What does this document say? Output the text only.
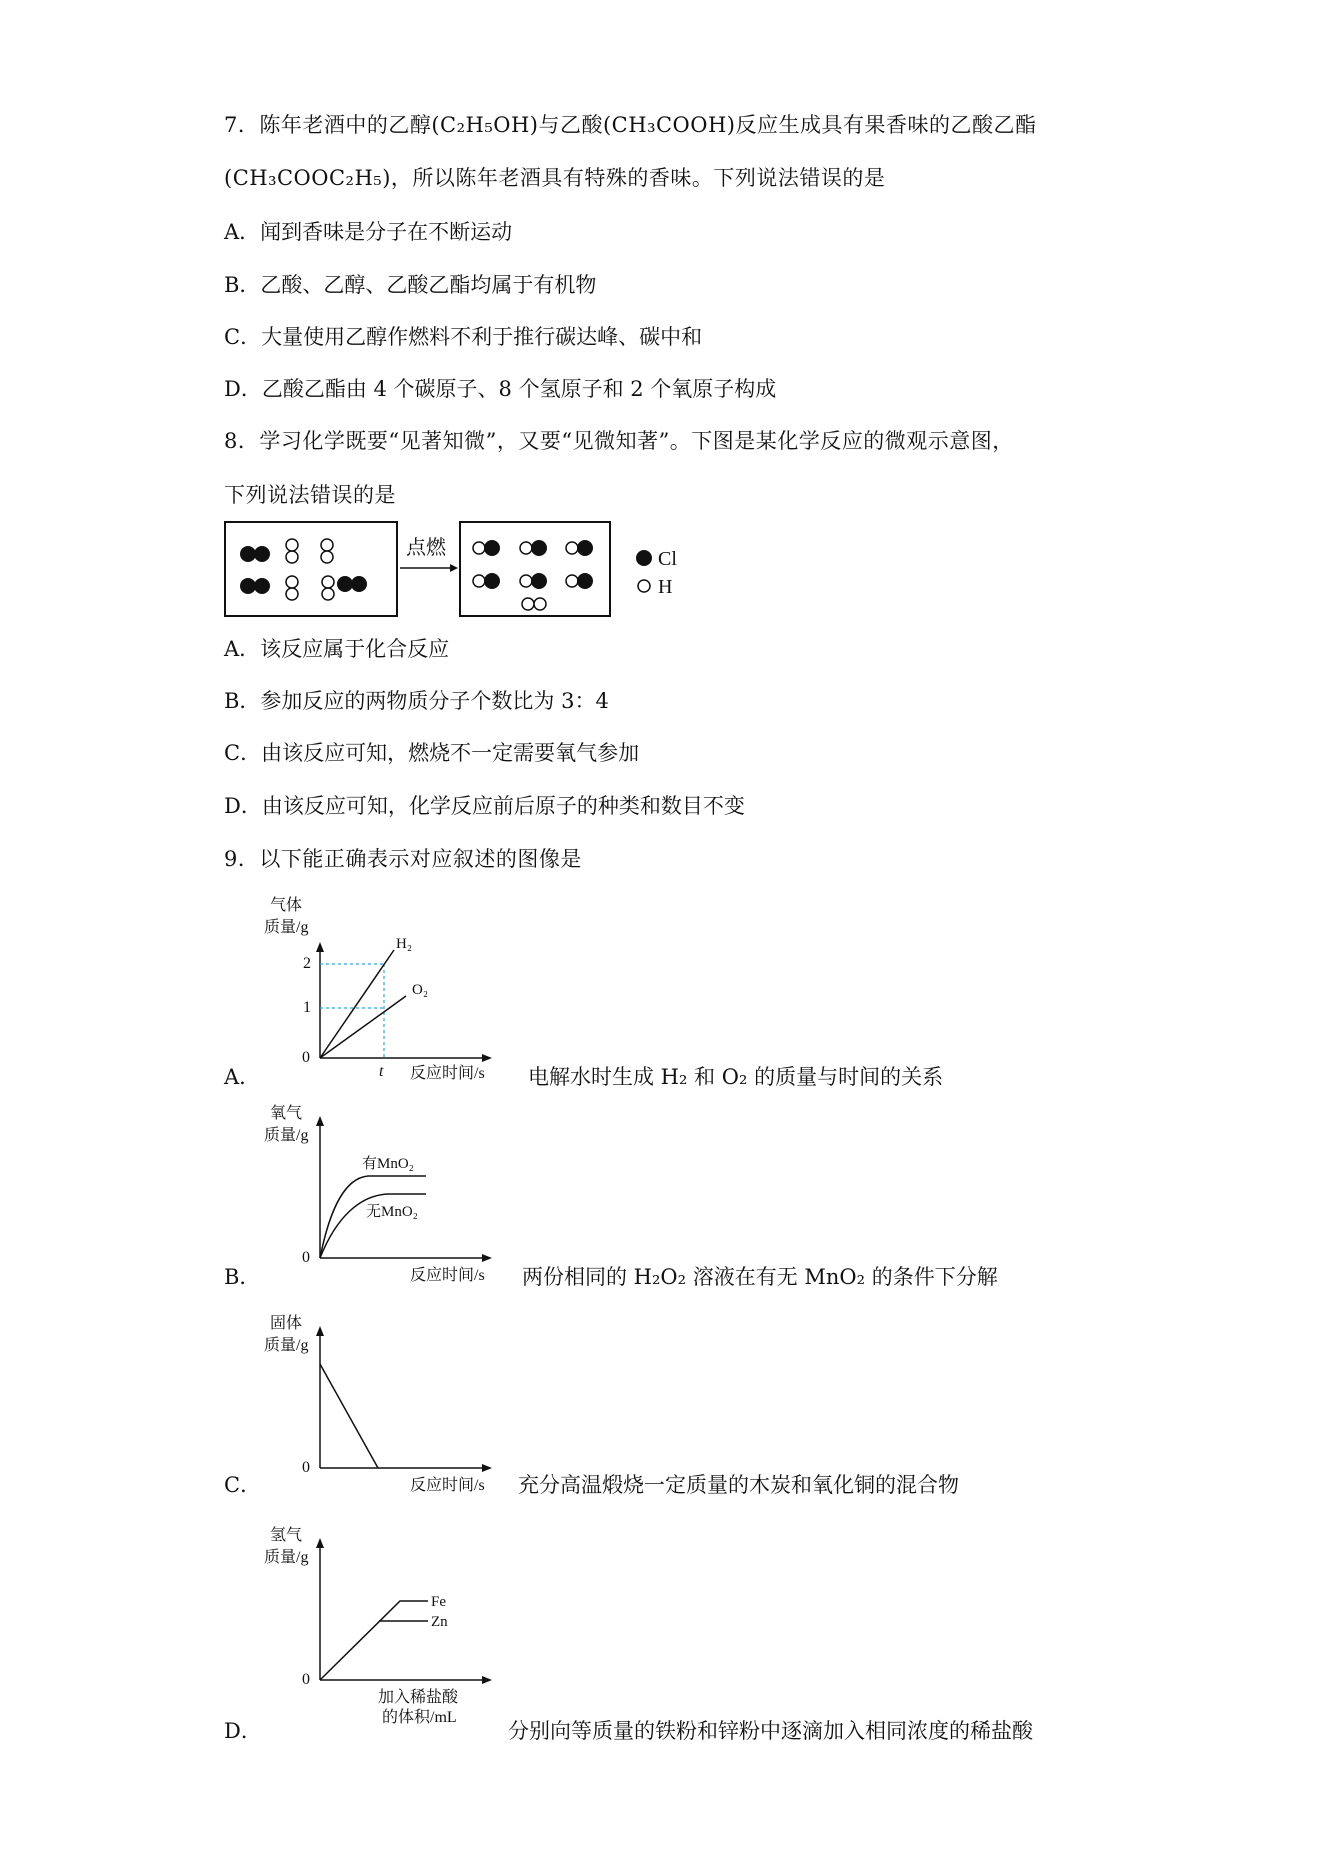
7．陈年老酒中的乙醇(C₂H₅OH)与乙酸(CH₃COOH)反应生成具有果香味的乙酸乙酯
(CH₃COOC₂H₅)，所以陈年老酒具有特殊的香味。下列说法错误的是
A．闻到香味是分子在不断运动
B．乙酸、乙醇、乙酸乙酯均属于有机物
C．大量使用乙醇作燃料不利于推行碳达峰、碳中和
D．乙酸乙酯由 4 个碳原子、8 个氢原子和 2 个氧原子构成
8．学习化学既要“见著知微”，又要“见微知著”。下图是某化学反应的微观示意图，
下列说法错误的是
点燃	Cl
H
A．该反应属于化合反应
B．参加反应的两物质分子个数比为 3：4
C．由该反应可知，燃烧不一定需要氧气参加
D．由该反应可知，化学反应前后原子的种类和数目不变
9．以下能正确表示对应叙述的图像是
气体
质量/g
0
2
1
t
H₂
O₂
反应时间/s
A．	电解水时生成 H₂ 和 O₂ 的质量与时间的关系
氧气
质量/g
0
有MnO₂
无MnO₂
反应时间/s
B．	两份相同的 H₂O₂ 溶液在有无 MnO₂ 的条件下分解
固体
质量/g
0
反应时间/s
C．	充分高温煅烧一定质量的木炭和氧化铜的混合物
氢气
质量/g
0
Fe
Zn
加入稀盐酸
的体积/mL
D．	分别向等质量的铁粉和锌粉中逐滴加入相同浓度的稀盐酸
